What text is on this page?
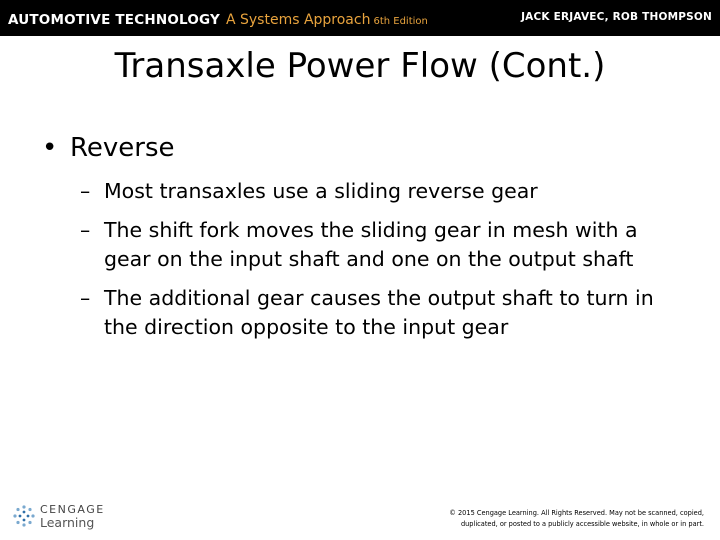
AUTOMOTIVE TECHNOLOGY A Systems Approach 6th Edition	JACK ERJAVEC, ROB THOMPSON
Transaxle Power Flow (Cont.)
• Reverse
– Most transaxles use a sliding reverse gear
– The shift fork moves the sliding gear in mesh with a gear on the input shaft and one on the output shaft
– The additional gear causes the output shaft to turn in the direction opposite to the input gear
CENGAGE
Learning
© 2015 Cengage Learning. All Rights Reserved. May not be scanned, copied,
duplicated, or posted to a publicly accessible website, in whole or in part.
